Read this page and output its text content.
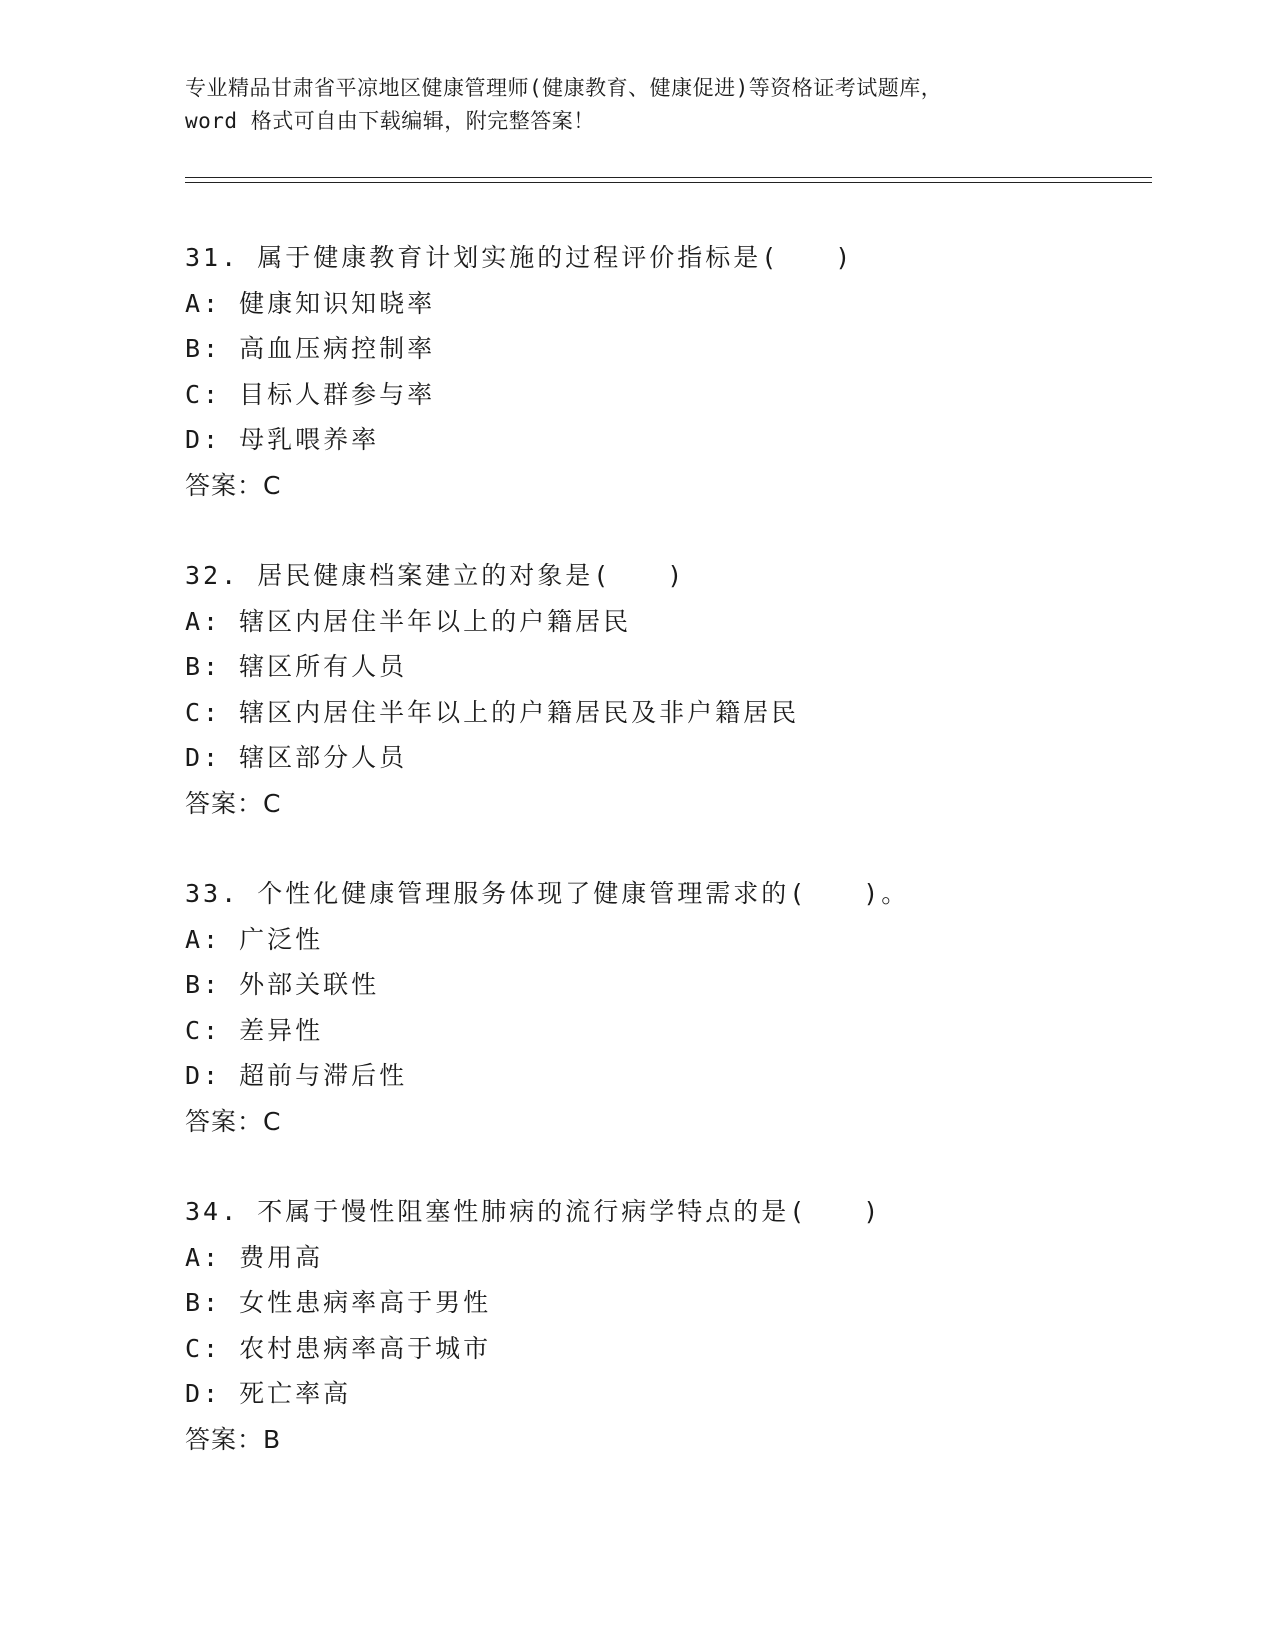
专业精品甘肃省平凉地区健康管理师(健康教育、健康促进)等资格证考试题库，
word 格式可自由下载编辑，附完整答案！
31. 属于健康教育计划实施的过程评价指标是(　　)
A: 健康知识知晓率
B: 高血压病控制率
C: 目标人群参与率
D: 母乳喂养率
答案：C
32. 居民健康档案建立的对象是(　　)
A: 辖区内居住半年以上的户籍居民
B: 辖区所有人员
C: 辖区内居住半年以上的户籍居民及非户籍居民
D: 辖区部分人员
答案：C
33. 个性化健康管理服务体现了健康管理需求的(　　)。
A: 广泛性
B: 外部关联性
C: 差异性
D: 超前与滞后性
答案：C
34. 不属于慢性阻塞性肺病的流行病学特点的是(　　)
A: 费用高
B: 女性患病率高于男性
C: 农村患病率高于城市
D: 死亡率高
答案：B
